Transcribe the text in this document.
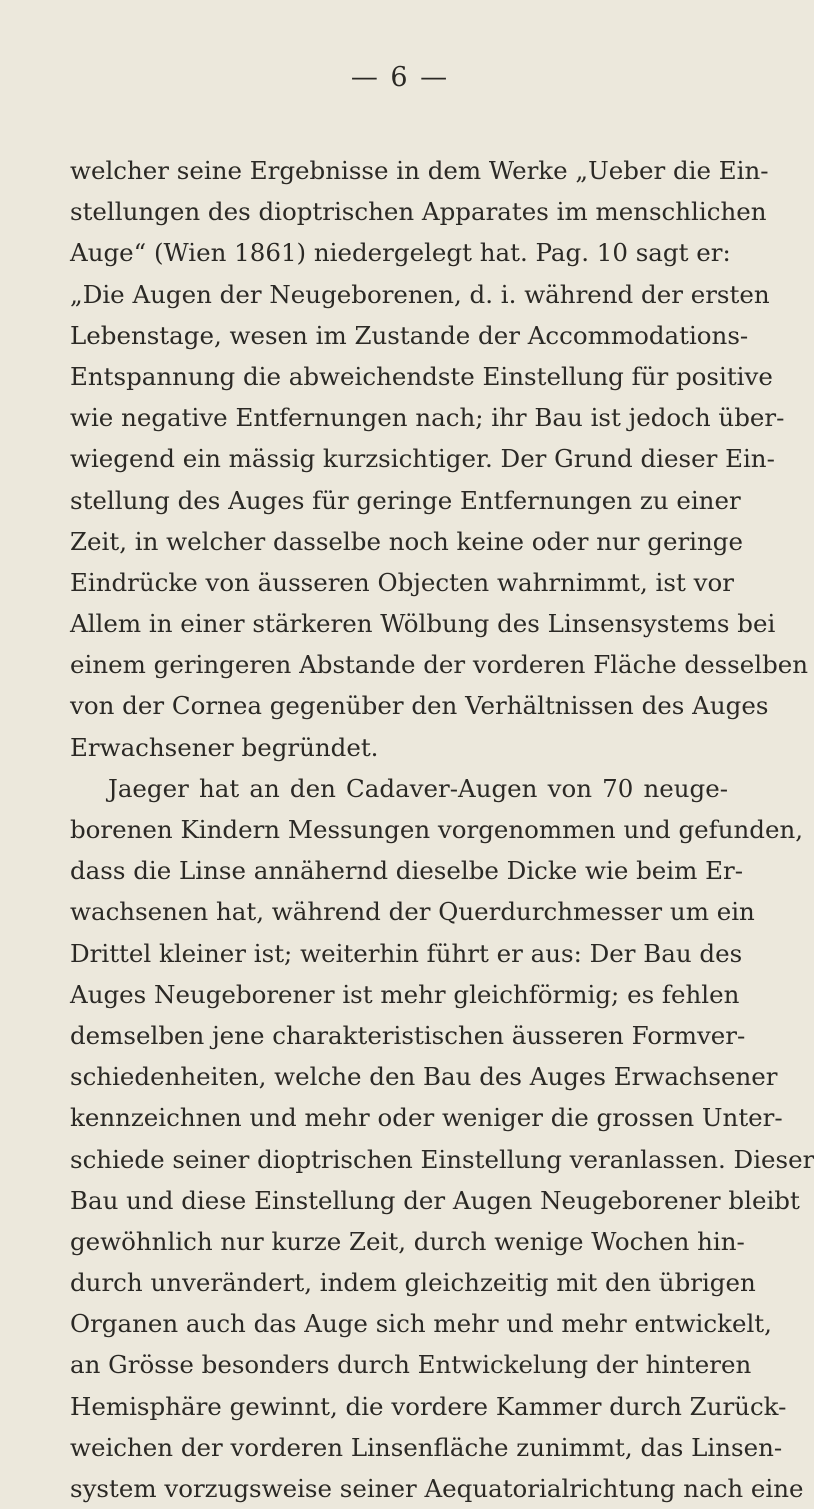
— 6 —
welcher seine Ergebnisse in dem Werke „Ueber die Ein-
stellungen des dioptrischen Apparates im menschlichen
Auge“ (Wien 1861) niedergelegt hat. Pag. 10 sagt er:
„Die Augen der Neugeborenen, d. i. während der ersten
Lebenstage, wesen im Zustande der Accommodations-
Entspannung die abweichendste Einstellung für positive
wie negative Entfernungen nach; ihr Bau ist jedoch über-
wiegend ein mässig kurzsichtiger. Der Grund dieser Ein-
stellung des Auges für geringe Entfernungen zu einer
Zeit, in welcher dasselbe noch keine oder nur geringe
Eindrücke von äusseren Objecten wahrnimmt, ist vor
Allem in einer stärkeren Wölbung des Linsensystems bei
einem geringeren Abstande der vorderen Fläche desselben
von der Cornea gegenüber den Verhältnissen des Auges
Erwachsener begründet.
Jaeger hat an den Cadaver-Augen von 70 neuge-
borenen Kindern Messungen vorgenommen und gefunden,
dass die Linse annähernd dieselbe Dicke wie beim Er-
wachsenen hat, während der Querdurchmesser um ein
Drittel kleiner ist; weiterhin führt er aus: Der Bau des
Auges Neugeborener ist mehr gleichförmig; es fehlen
demselben jene charakteristischen äusseren Formver-
schiedenheiten, welche den Bau des Auges Erwachsener
kennzeichnen und mehr oder weniger die grossen Unter-
schiede seiner dioptrischen Einstellung veranlassen. Dieser
Bau und diese Einstellung der Augen Neugeborener bleibt
gewöhnlich nur kurze Zeit, durch wenige Wochen hin-
durch unverändert, indem gleichzeitig mit den übrigen
Organen auch das Auge sich mehr und mehr entwickelt,
an Grösse besonders durch Entwickelung der hinteren
Hemisphäre gewinnt, die vordere Kammer durch Zurück-
weichen der vorderen Linsenfläche zunimmt, das Linsen-
system vorzugsweise seiner Aequatorialrichtung nach eine
